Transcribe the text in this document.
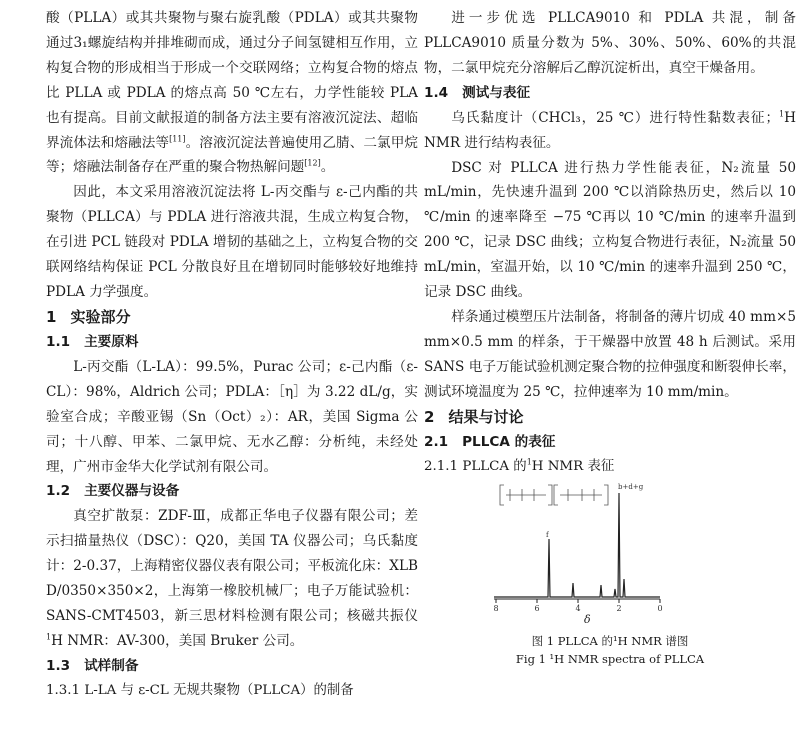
酸（PLLA）或其共聚物与聚右旋乳酸（PDLA）或其共聚物通过3₁螺旋结构并排堆砌而成，通过分子间氢键相互作用，立构复合物的形成相当于形成一个交联网络；立构复合物的熔点比 PLLA 或 PDLA 的熔点高 50 ℃左右，力学性能较 PLA 也有提高。目前文献报道的制备方法主要有溶液沉淀法、超临界流体法和熔融法等[11]。溶液沉淀法普遍使用乙腈、二氯甲烷等；熔融法制备存在严重的聚合物热解问题[12]。

因此，本文采用溶液沉淀法将 L-丙交酯与 ε-己内酯的共聚物（PLLCA）与 PDLA 进行溶液共混，生成立构复合物，在引进 PCL 链段对 PDLA 增韧的基础之上，立构复合物的交联网络结构保证 PCL 分散良好且在增韧同时能够较好地维持 PDLA 力学强度。

1 实验部分
1.1 主要原料

L-丙交酯（L-LA）：99.5%，Purac 公司；ε-己内酯（ε-CL）：98%，Aldrich 公司；PDLA：［η］为 3.22 dL/g，实验室合成；辛酸亚锡（Sn（Oct）₂）：AR，美国 Sigma 公司；十八醇、甲苯、二氯甲烷、无水乙醇：分析纯，未经处理，广州市金华大化学试剂有限公司。

1.2 主要仪器与设备

真空扩散泵：ZDF-Ⅲ，成都正华电子仪器有限公司；差示扫描量热仪（DSC）：Q20，美国 TA 仪器公司；乌氏黏度计：2-0.37，上海精密仪器仪表有限公司；平板流化床：XLB D/0350×350×2，上海第一橡胶机械厂；电子万能试验机：SANS-CMT4503，新三思材料检测有限公司；核磁共振仪$^1$H NMR：AV-300，美国 Bruker 公司。

1.3 试样制备
1.3.1 L-LA 与 ε-CL 无规共聚物（PLLCA）的制备

进一步优选 PLLCA9010 和 PDLA 共混，制备 PLLCA9010 质量分数为 5%、30%、50%、60%的共混物，二氯甲烷充分溶解后乙醇沉淀析出，真空干燥备用。

1.4 测试与表征

乌氏黏度计（CHCl₃，25 ℃）进行特性黏数表征；$^1$H NMR 进行结构表征。

DSC 对 PLLCA 进行热力学性能表征，N₂流量 50 mL/min，先快速升温到 200 ℃以消除热历史，然后以 10 ℃/min 的速率降至 −75 ℃再以 10 ℃/min 的速率升温到 200 ℃，记录 DSC 曲线；立构复合物进行表征，N₂流量 50 mL/min，室温开始，以 10 ℃/min 的速率升温到 250 ℃，记录 DSC 曲线。

样条通过模塑压片法制备，将制备的薄片切成 40 mm×5 mm×0.5 mm 的样条，于干燥器中放置 48 h 后测试。采用 SANS 电子万能试验机测定聚合物的拉伸强度和断裂伸长率，测试环境温度为 25 ℃，拉伸速率为 10 mm/min。

2 结果与讨论
2.1 PLLCA 的表征
2.1.1 PLLCA 的$^1$H NMR 表征
b+d+g
f
8	6	4	2	0
δ
图 1 PLLCA 的¹H NMR 谱图
Fig 1 ¹H NMR spectra of PLLCA
